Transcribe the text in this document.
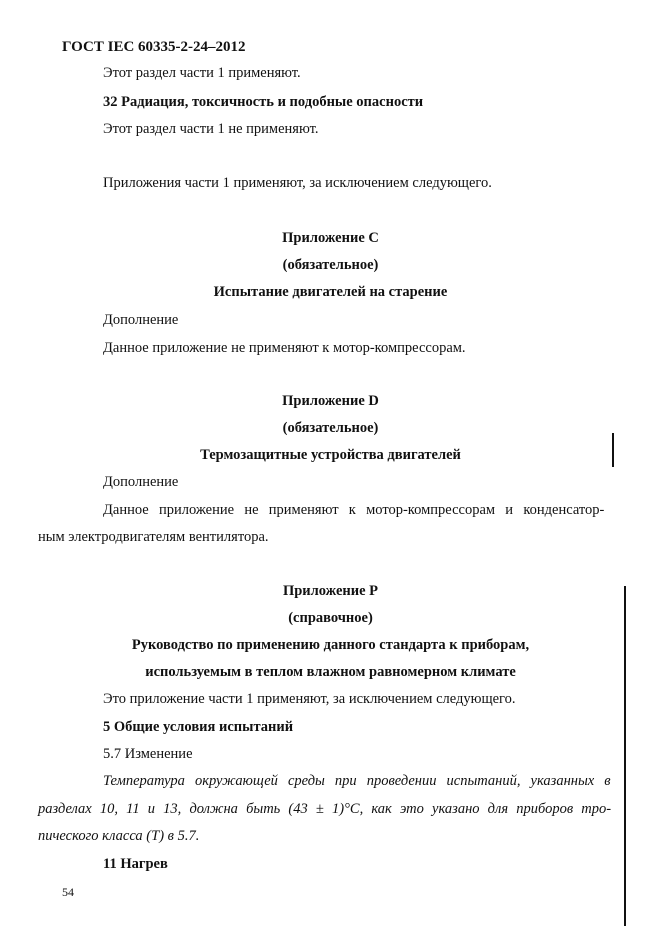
ГОСТ IEC 60335-2-24–2012
Этот раздел части 1 применяют.
32 Радиация, токсичность и подобные опасности
Этот раздел части 1 не применяют.
Приложения части 1 применяют, за исключением следующего.
Приложение С
(обязательное)
Испытание двигателей на старение
Дополнение
Данное приложение не применяют к мотор-компрессорам.
Приложение D
(обязательное)
Термозащитные устройства двигателей
Дополнение
Данное приложение не применяют к мотор-компрессорам и конденсатор-
ным электродвигателям вентилятора.
Приложение Р
(справочное)
Руководство по применению данного стандарта к приборам,
используемым в теплом влажном равномерном климате
Это приложение части 1 применяют, за исключением следующего.
5 Общие условия испытаний
5.7 Изменение
Температура окружающей среды при проведении испытаний, указанных в
разделах 10, 11 и 13, должна быть (43 ± 1)°С, как это указано для приборов тро-
пического класса (Т) в 5.7.
11 Нагрев
54
